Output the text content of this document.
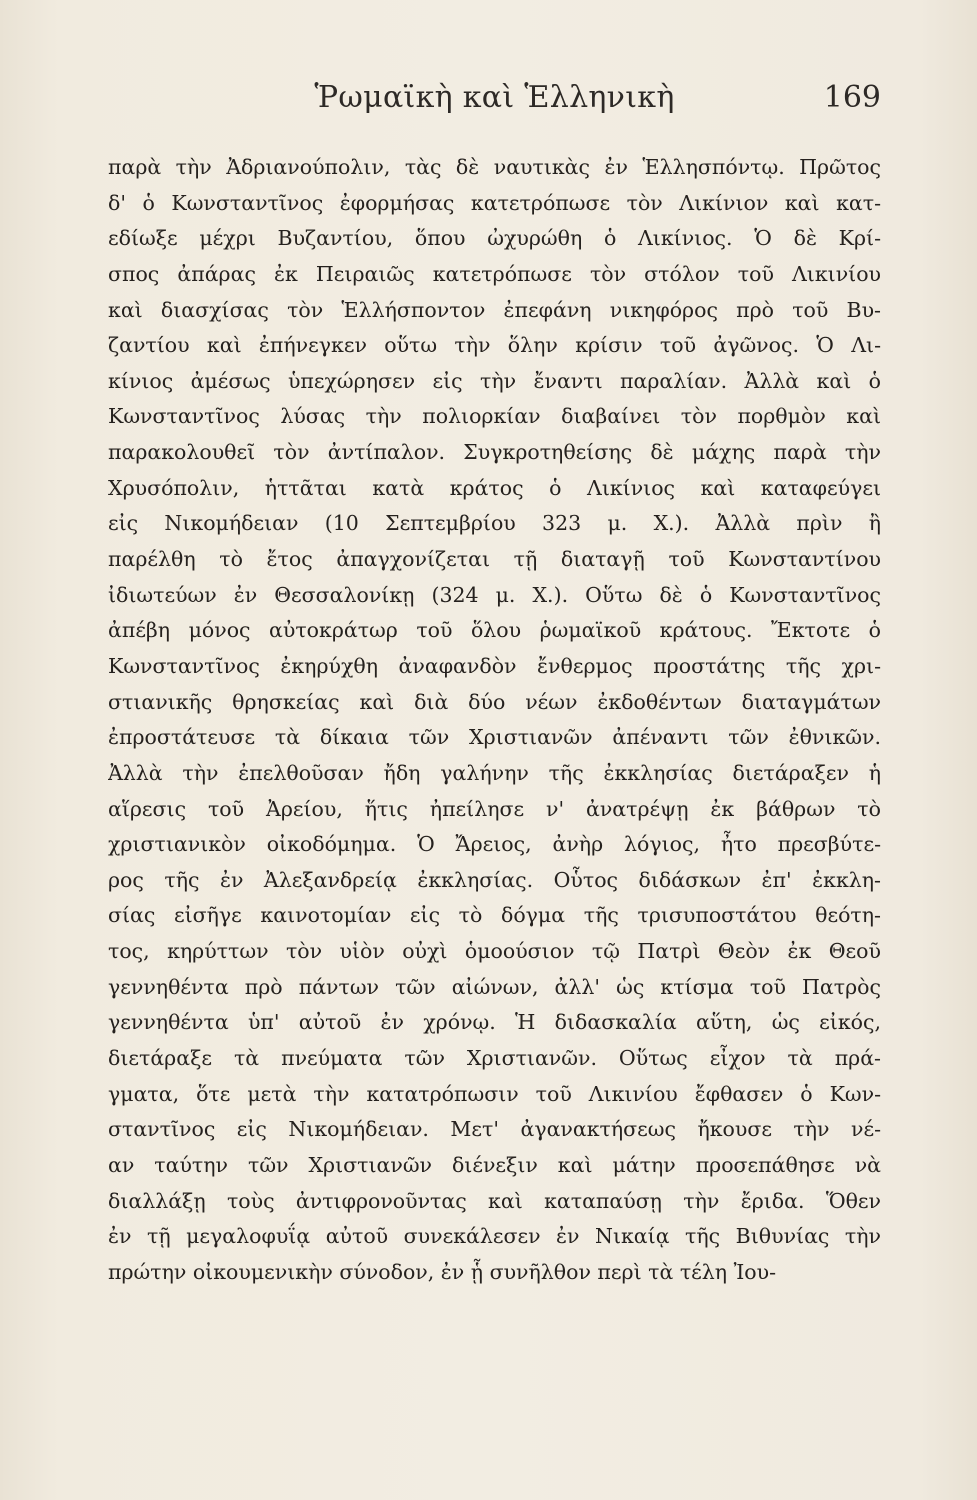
Ῥωμαϊκὴ καὶ Ἑλληνικὴ	169
παρὰ τὴν Ἀδριανούπολιν, τὰς δὲ ναυτικὰς ἐν Ἑλλησπόντῳ. Πρῶτος
δ' ὁ Κωνσταντῖνος ἐφορμήσας κατετρόπωσε τὸν Λικίνιον καὶ κατ-
εδίωξε μέχρι Βυζαντίου, ὅπου ὠχυρώθη ὁ Λικίνιος. Ὁ δὲ Κρί-
σπος ἀπάρας ἐκ Πειραιῶς κατετρόπωσε τὸν στόλον τοῦ Λικινίου
καὶ διασχίσας τὸν Ἑλλήσποντον ἐπεφάνη νικηφόρος πρὸ τοῦ Βυ-
ζαντίου καὶ ἐπήνεγκεν οὕτω τὴν ὅλην κρίσιν τοῦ ἀγῶνος. Ὁ Λι-
κίνιος ἀμέσως ὑπεχώρησεν εἰς τὴν ἔναντι παραλίαν. Ἀλλὰ καὶ ὁ
Κωνσταντῖνος λύσας τὴν πολιορκίαν διαβαίνει τὸν πορθμὸν καὶ
παρακολουθεῖ τὸν ἀντίπαλον. Συγκροτηθείσης δὲ μάχης παρὰ τὴν
Χρυσόπολιν, ἡττᾶται κατὰ κράτος ὁ Λικίνιος καὶ καταφεύγει
εἰς Νικομήδειαν (10 Σεπτεμβρίου 323 μ. Χ.). Ἀλλὰ πρὶν ἢ
παρέλθη τὸ ἔτος ἀπαγχονίζεται τῇ διαταγῇ τοῦ Κωνσταντίνου
ἰδιωτεύων ἐν Θεσσαλονίκῃ (324 μ. Χ.). Οὕτω δὲ ὁ Κωνσταντῖνος
ἀπέβη μόνος αὐτοκράτωρ τοῦ ὅλου ῥωμαϊκοῦ κράτους. Ἔκτοτε ὁ
Κωνσταντῖνος ἐκηρύχθη ἀναφανδὸν ἔνθερμος προστάτης τῆς χρι-
στιανικῆς θρησκείας καὶ διὰ δύο νέων ἐκδοθέντων διαταγμάτων
ἐπροστάτευσε τὰ δίκαια τῶν Χριστιανῶν ἀπέναντι τῶν ἐθνικῶν.
Ἀλλὰ τὴν ἐπελθοῦσαν ἤδη γαλήνην τῆς ἐκκλησίας διετάραξεν ἡ
αἵρεσις τοῦ Ἀρείου, ἥτις ἠπείλησε ν' ἀνατρέψῃ ἐκ βάθρων τὸ
χριστιανικὸν οἰκοδόμημα. Ὁ Ἄρειος, ἀνὴρ λόγιος, ἦτο πρεσβύτε-
ρος τῆς ἐν Ἀλεξανδρείᾳ ἐκκλησίας. Οὗτος διδάσκων ἐπ' ἐκκλη-
σίας εἰσῆγε καινοτομίαν εἰς τὸ δόγμα τῆς τρισυποστάτου θεότη-
τος, κηρύττων τὸν υἱὸν οὐχὶ ὁμοούσιον τῷ Πατρὶ Θεὸν ἐκ Θεοῦ
γεννηθέντα πρὸ πάντων τῶν αἰώνων, ἀλλ' ὡς κτίσμα τοῦ Πατρὸς
γεννηθέντα ὑπ' αὐτοῦ ἐν χρόνῳ. Ἡ διδασκαλία αὕτη, ὡς εἰκός,
διετάραξε τὰ πνεύματα τῶν Χριστιανῶν. Οὕτως εἶχον τὰ πρά-
γματα, ὅτε μετὰ τὴν κατατρόπωσιν τοῦ Λικινίου ἔφθασεν ὁ Κων-
σταντῖνος εἰς Νικομήδειαν. Μετ' ἀγανακτήσεως ἤκουσε τὴν νέ-
αν ταύτην τῶν Χριστιανῶν διένεξιν καὶ μάτην προσεπάθησε νὰ
διαλλάξῃ τοὺς ἀντιφρονοῦντας καὶ καταπαύσῃ τὴν ἔριδα. Ὅθεν
ἐν τῇ μεγαλοφυΐᾳ αὐτοῦ συνεκάλεσεν ἐν Νικαίᾳ τῆς Βιθυνίας τὴν
πρώτην οἰκουμενικὴν σύνοδον, ἐν ᾗ συνῆλθον περὶ τὰ τέλη Ἰου-
